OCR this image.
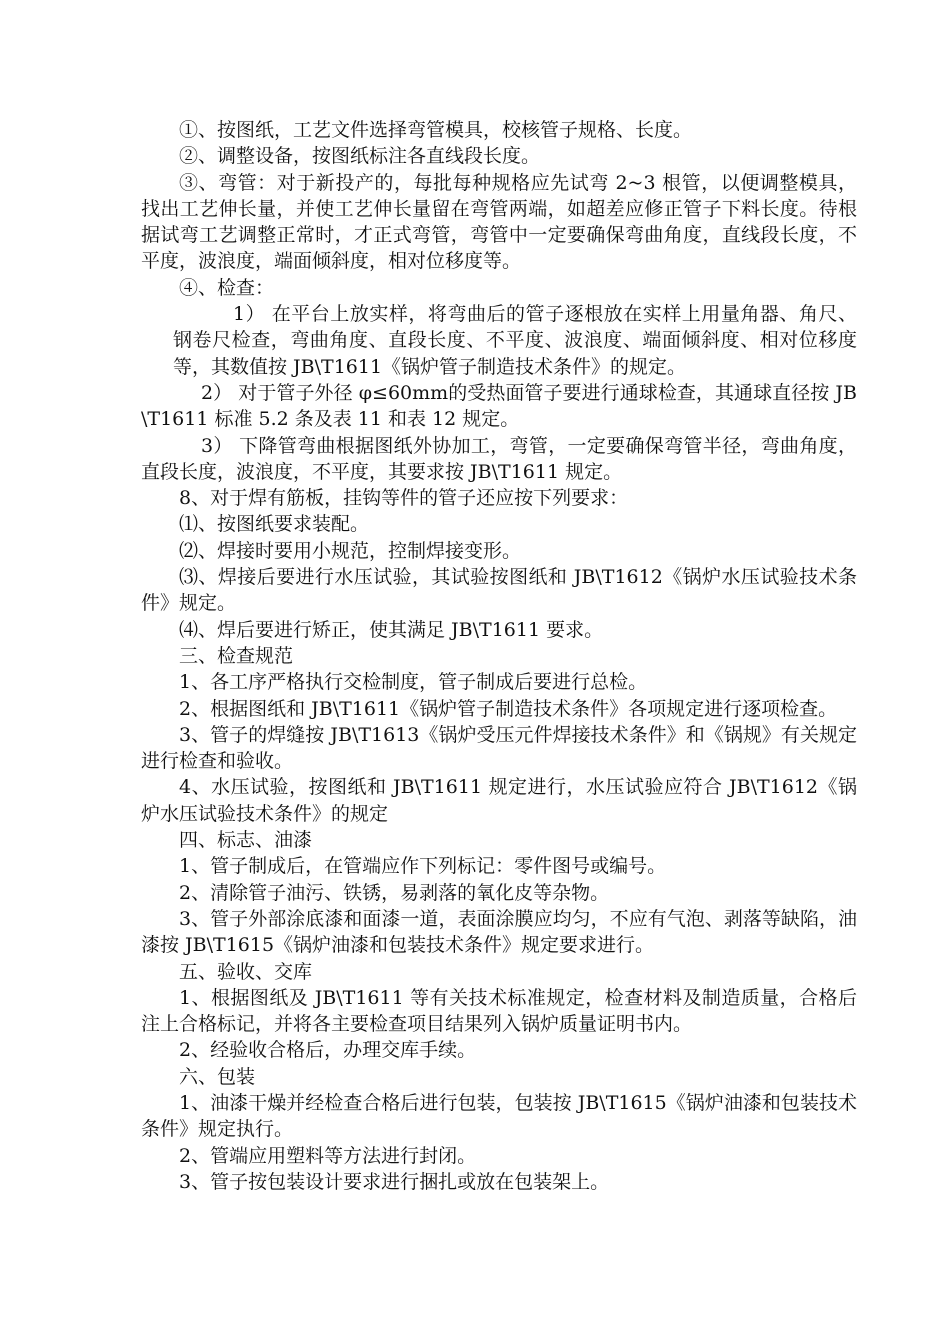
①、按图纸，工艺文件选择弯管模具，校核管子规格、长度。

②、调整设备，按图纸标注各直线段长度。

③、弯管：对于新投产的，每批每种规格应先试弯 2~3 根管，以便调整模具，找出工艺伸长量，并使工艺伸长量留在弯管两端，如超差应修正管子下料长度。待根据试弯工艺调整正常时，才正式弯管，弯管中一定要确保弯曲角度，直线段长度，不平度，波浪度，端面倾斜度，相对位移度等。

④、检查：

1） 在平台上放实样，将弯曲后的管子逐根放在实样上用量角器、角尺、钢卷尺检查，弯曲角度、直段长度、不平度、波浪度、端面倾斜度、相对位移度等，其数值按 JB\T1611《锅炉管子制造技术条件》的规定。

2） 对于管子外径 φ≤60mm的受热面管子要进行通球检查，其通球直径按 JB\T1611 标准 5.2 条及表 11 和表 12 规定。

3） 下降管弯曲根据图纸外协加工，弯管，一定要确保弯管半径，弯曲角度，直段长度，波浪度，不平度，其要求按 JB\T1611 规定。

8、对于焊有筋板，挂钩等件的管子还应按下列要求：

⑴、按图纸要求装配。

⑵、焊接时要用小规范，控制焊接变形。

⑶、焊接后要进行水压试验，其试验按图纸和 JB\T1612《锅炉水压试验技术条件》规定。

⑷、焊后要进行矫正，使其满足 JB\T1611 要求。

三、检查规范

1、各工序严格执行交检制度，管子制成后要进行总检。

2、根据图纸和 JB\T1611《锅炉管子制造技术条件》各项规定进行逐项检查。

3、管子的焊缝按 JB\T1613《锅炉受压元件焊接技术条件》和《锅规》有关规定进行检查和验收。

4、水压试验，按图纸和 JB\T1611 规定进行，水压试验应符合 JB\T1612《锅炉水压试验技术条件》的规定

四、标志、油漆

1、管子制成后，在管端应作下列标记：零件图号或编号。

2、清除管子油污、铁锈，易剥落的氧化皮等杂物。

3、管子外部涂底漆和面漆一道，表面涂膜应均匀，不应有气泡、剥落等缺陷，油漆按 JB\T1615《锅炉油漆和包装技术条件》规定要求进行。

五、验收、交库

1、根据图纸及 JB\T1611 等有关技术标准规定，检查材料及制造质量，合格后注上合格标记，并将各主要检查项目结果列入锅炉质量证明书内。

2、经验收合格后，办理交库手续。

六、包装

1、油漆干燥并经检查合格后进行包装，包装按 JB\T1615《锅炉油漆和包装技术条件》规定执行。

2、管端应用塑料等方法进行封闭。

3、管子按包装设计要求进行捆扎或放在包装架上。
